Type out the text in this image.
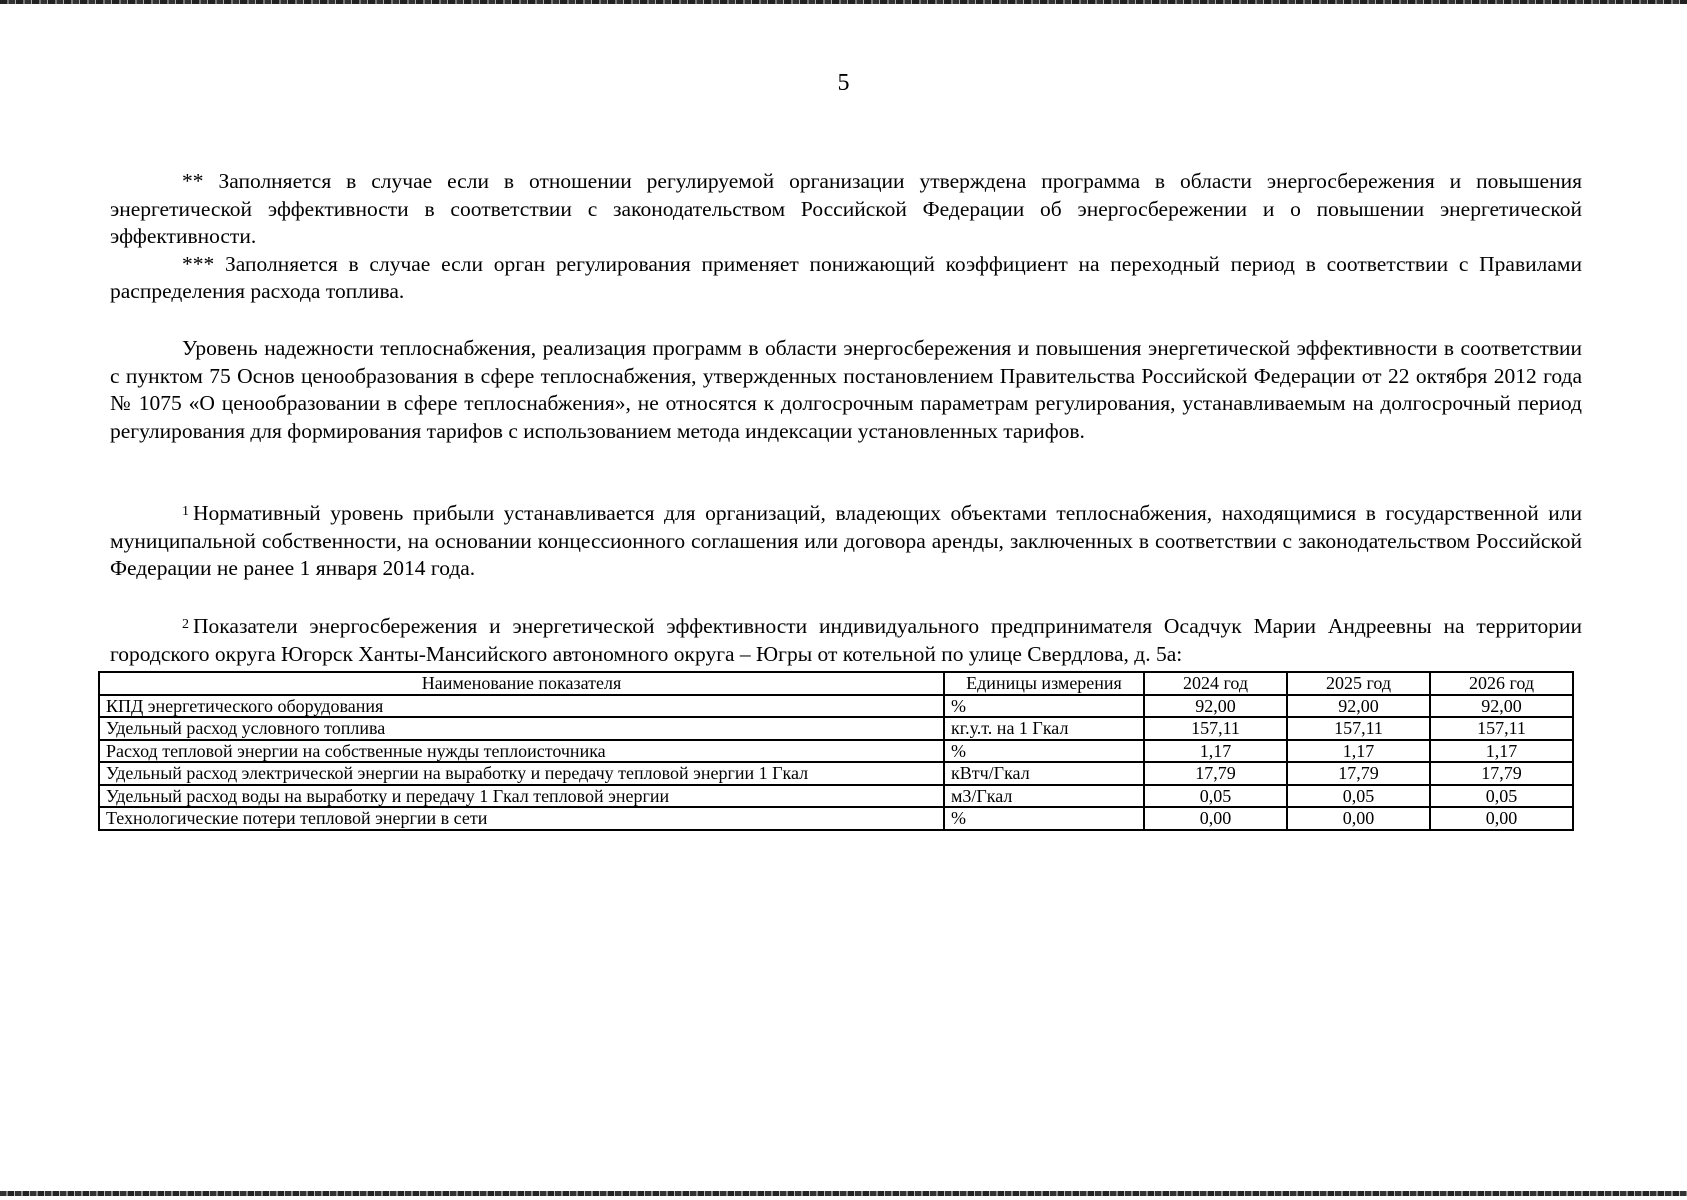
5

** Заполняется в случае если в отношении регулируемой организации утверждена программа в области энергосбережения и повышения энергетической эффективности в соответствии с законодательством Российской Федерации об энергосбережении и о повышении энергетической эффективности.

*** Заполняется в случае если орган регулирования применяет понижающий коэффициент на переходный период в соответствии с Правилами распределения расхода топлива.

Уровень надежности теплоснабжения, реализация программ в области энергосбережения и повышения энергетической эффективности в соответствии с пунктом 75 Основ ценообразования в сфере теплоснабжения, утвержденных постановлением Правительства Российской Федерации от 22 октября 2012 года № 1075 «О ценообразовании в сфере теплоснабжения», не относятся к долгосрочным параметрам регулирования, устанавливаемым на долгосрочный период регулирования для формирования тарифов с использованием метода индексации установленных тарифов.

$^1$ Нормативный уровень прибыли устанавливается для организаций, владеющих объектами теплоснабжения, находящимися в государственной или муниципальной собственности, на основании концессионного соглашения или договора аренды, заключенных в соответствии с законодательством Российской Федерации не ранее 1 января 2014 года.

$^2$ Показатели энергосбережения и энергетической эффективности индивидуального предпринимателя Осадчук Марии Андреевны на территории городского округа Югорск Ханты-Мансийского автономного округа – Югры от котельной по улице Свердлова, д. 5а:

Наименование показателя	Единицы измерения	2024 год	2025 год	2026 год
КПД энергетического оборудования	%	92,00	92,00	92,00
Удельный расход условного топлива	кг.у.т. на 1 Гкал	157,11	157,11	157,11
Расход тепловой энергии на собственные нужды теплоисточника	%	1,17	1,17	1,17
Удельный расход электрической энергии на выработку и передачу тепловой энергии 1 Гкал	кВтч/Гкал	17,79	17,79	17,79
Удельный расход воды на выработку и передачу 1 Гкал тепловой энергии	м3/Гкал	0,05	0,05	0,05
Технологические потери тепловой энергии в сети	%	0,00	0,00	0,00
